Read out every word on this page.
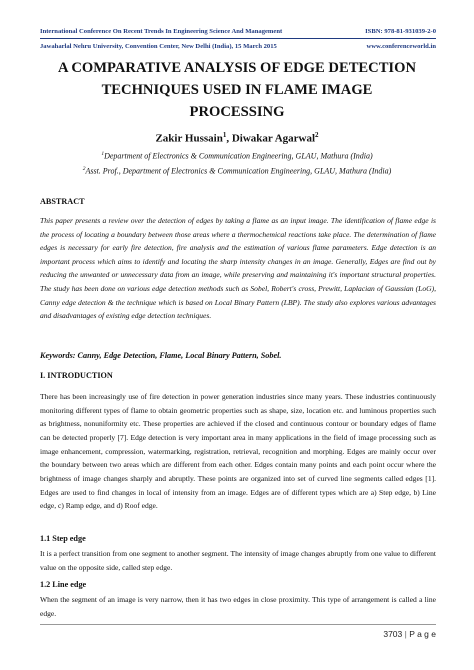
International Conference On Recent Trends In Engineering Science And Management	ISBN: 978-81-931039-2-0
Jawaharlal Nehru University, Convention Center, New Delhi (India), 15 March 2015	www.conferenceworld.in
A COMPARATIVE ANALYSIS OF EDGE DETECTION
TECHNIQUES USED IN FLAME IMAGE
PROCESSING
Zakir Hussain$^1$, Diwakar Agarwal$^2$
$^1$Department of Electronics & Communication Engineering, GLAU, Mathura (India)
$^2$Asst. Prof., Department of Electronics & Communication Engineering, GLAU, Mathura (India)
ABSTRACT

This paper presents a review over the detection of edges by taking a flame as an input image. The identification of flame edge is the process of locating a boundary between those areas where a thermochemical reactions take place. The determination of flame edges is necessary for early fire detection, fire analysis and the estimation of various flame parameters. Edge detection is an important process which aims to identify and locating the sharp intensity changes in an image. Generally, Edges are find out by reducing the unwanted or unnecessary data from an image, while preserving and maintaining it's important structural properties. The study has been done on various edge detection methods such as Sobel, Robert's cross, Prewitt, Laplacian of Gaussian (LoG), Canny edge detection & the technique which is based on Local Binary Pattern (LBP). The study also explores various advantages and disadvantages of existing edge detection techniques.

Keywords: Canny, Edge Detection, Flame, Local Binary Pattern, Sobel.
I. INTRODUCTION

There has been increasingly use of fire detection in power generation industries since many years. These industries continuously monitoring different types of flame to obtain geometric properties such as shape, size, location etc. and luminous properties such as brightness, nonuniformity etc. These properties are achieved if the closed and continuous contour or boundary edges of flame can be detected properly [7]. Edge detection is very important area in many applications in the field of image processing such as image enhancement, compression, watermarking, registration, retrieval, recognition and morphing. Edges are mainly occur over the boundary between two areas which are different from each other. Edges contain many points and each point occur where the brightness of image changes sharply and abruptly. These points are organized into set of curved line segments called edges [1]. Edges are used to find changes in local of intensity from an image. Edges are of different types which are a) Step edge, b) Line edge, c) Ramp edge, and d) Roof edge.

1.1 Step edge

It is a perfect transition from one segment to another segment. The intensity of image changes abruptly from one value to different value on the opposite side, called step edge.

1.2 Line edge

When the segment of an image is very narrow, then it has two edges in close proximity. This type of arrangement is called a line edge.

3703 | P a g e
